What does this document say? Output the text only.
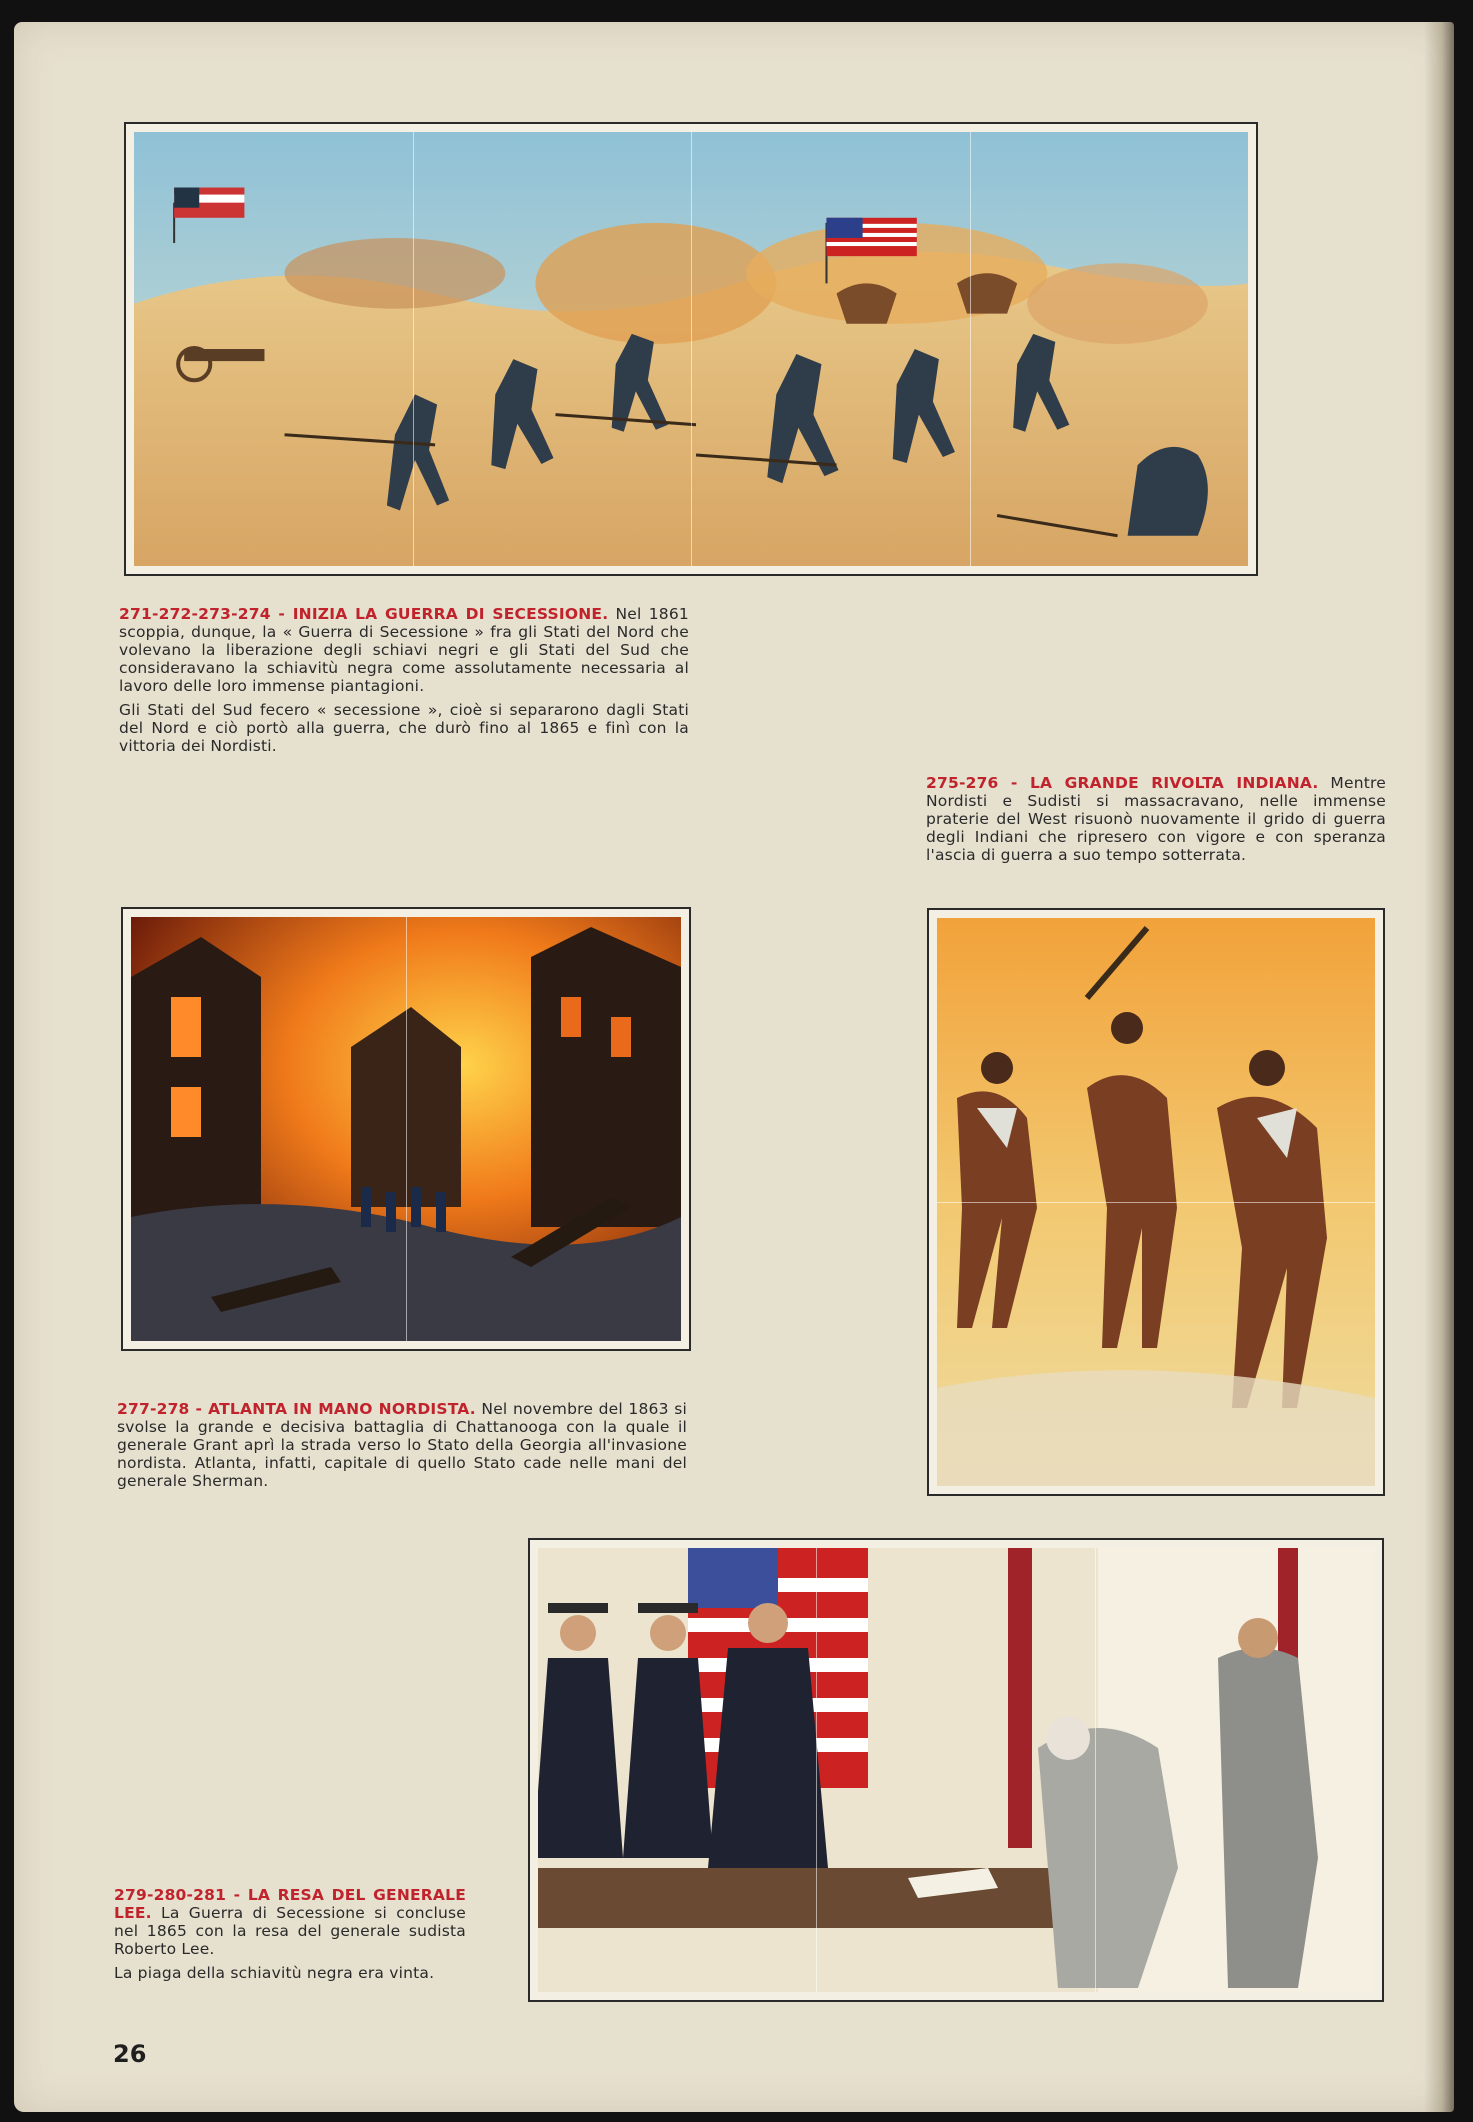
271-272-273-274 - INIZIA LA GUERRA DI SECESSIONE. Nel 1861 scoppia, dunque, la « Guerra di Secessione » fra gli Stati del Nord che volevano la liberazione degli schiavi negri e gli Stati del Sud che consideravano la schiavitù negra come assolutamente necessaria al lavoro delle loro immense piantagioni.

Gli Stati del Sud fecero « secessione », cioè si separarono dagli Stati del Nord e ciò portò alla guerra, che durò fino al 1865 e finì con la vittoria dei Nordisti.

275-276 - LA GRANDE RIVOLTA INDIANA. Mentre Nordisti e Sudisti si massacravano, nelle immense praterie del West risuonò nuovamente il grido di guerra degli Indiani che ripresero con vigore e con speranza l'ascia di guerra a suo tempo sotterrata.

277-278 - ATLANTA IN MANO NORDISTA. Nel novembre del 1863 si svolse la grande e decisiva battaglia di Chattanooga con la quale il generale Grant aprì la strada verso lo Stato della Georgia all'invasione nordista. Atlanta, infatti, capitale di quello Stato cade nelle mani del generale Sherman.

279-280-281 - LA RESA DEL GENERALE LEE. La Guerra di Secessione si concluse nel 1865 con la resa del generale sudista Roberto Lee.

La piaga della schiavitù negra era vinta.

26
